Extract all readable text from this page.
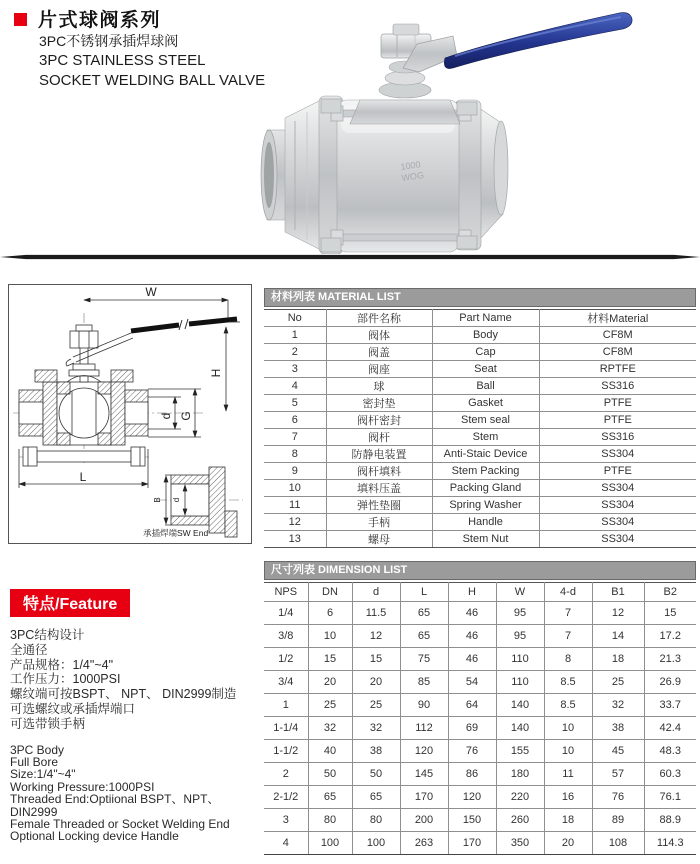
片式球阀系列
3PC不锈钢承插焊球阀
3PC STAINLESS STEEL
SOCKET WELDING BALL VALVE
1000
WOG
W
H
d G
L
B d
承插焊端SW End
材料列表 MATERIAL LIST
No	部件名称	Part Name	材料Material
1	阀体	Body	CF8M
2	阀盖	Cap	CF8M
3	阀座	Seat	RPTFE
4	球	Ball	SS316
5	密封垫	Gasket	PTFE
6	阀杆密封	Stem seal	PTFE
7	阀杆	Stem	SS316
8	防静电装置	Anti-Staic Device	SS304
9	阀杆填料	Stem Packing	PTFE
10	填料压盖	Packing Gland	SS304
11	弹性垫圈	Spring Washer	SS304
12	手柄	Handle	SS304
13	螺母	Stem Nut	SS304
尺寸列表 DIMENSION LIST
NPS	DN	d	L	H	W	4-d	B1	B2
1/4	6	11.5	65	46	95	7	12	15
3/8	10	12	65	46	95	7	14	17.2
1/2	15	15	75	46	110	8	18	21.3
3/4	20	20	85	54	110	8.5	25	26.9
1	25	25	90	64	140	8.5	32	33.7
1-1/4	32	32	112	69	140	10	38	42.4
1-1/2	40	38	120	76	155	10	45	48.3
2	50	50	145	86	180	11	57	60.3
2-1/2	65	65	170	120	220	16	76	76.1
3	80	80	200	150	260	18	89	88.9
4	100	100	263	170	350	20	108	114.3
特点/Feature
3PC结构设计
全通径
产品规格：1/4"~4"
工作压力：1000PSI
螺纹端可按BSPT、 NPT、 DIN2999制造
可选螺纹或承插焊端口
可选带锁手柄
3PC Body
Full Bore
Size:1/4"~4"
Working Pressure:1000PSI
Threaded End:Optiional BSPT、NPT、DIN2999
Female Threaded or Socket Welding End
Optional Locking device Handle
